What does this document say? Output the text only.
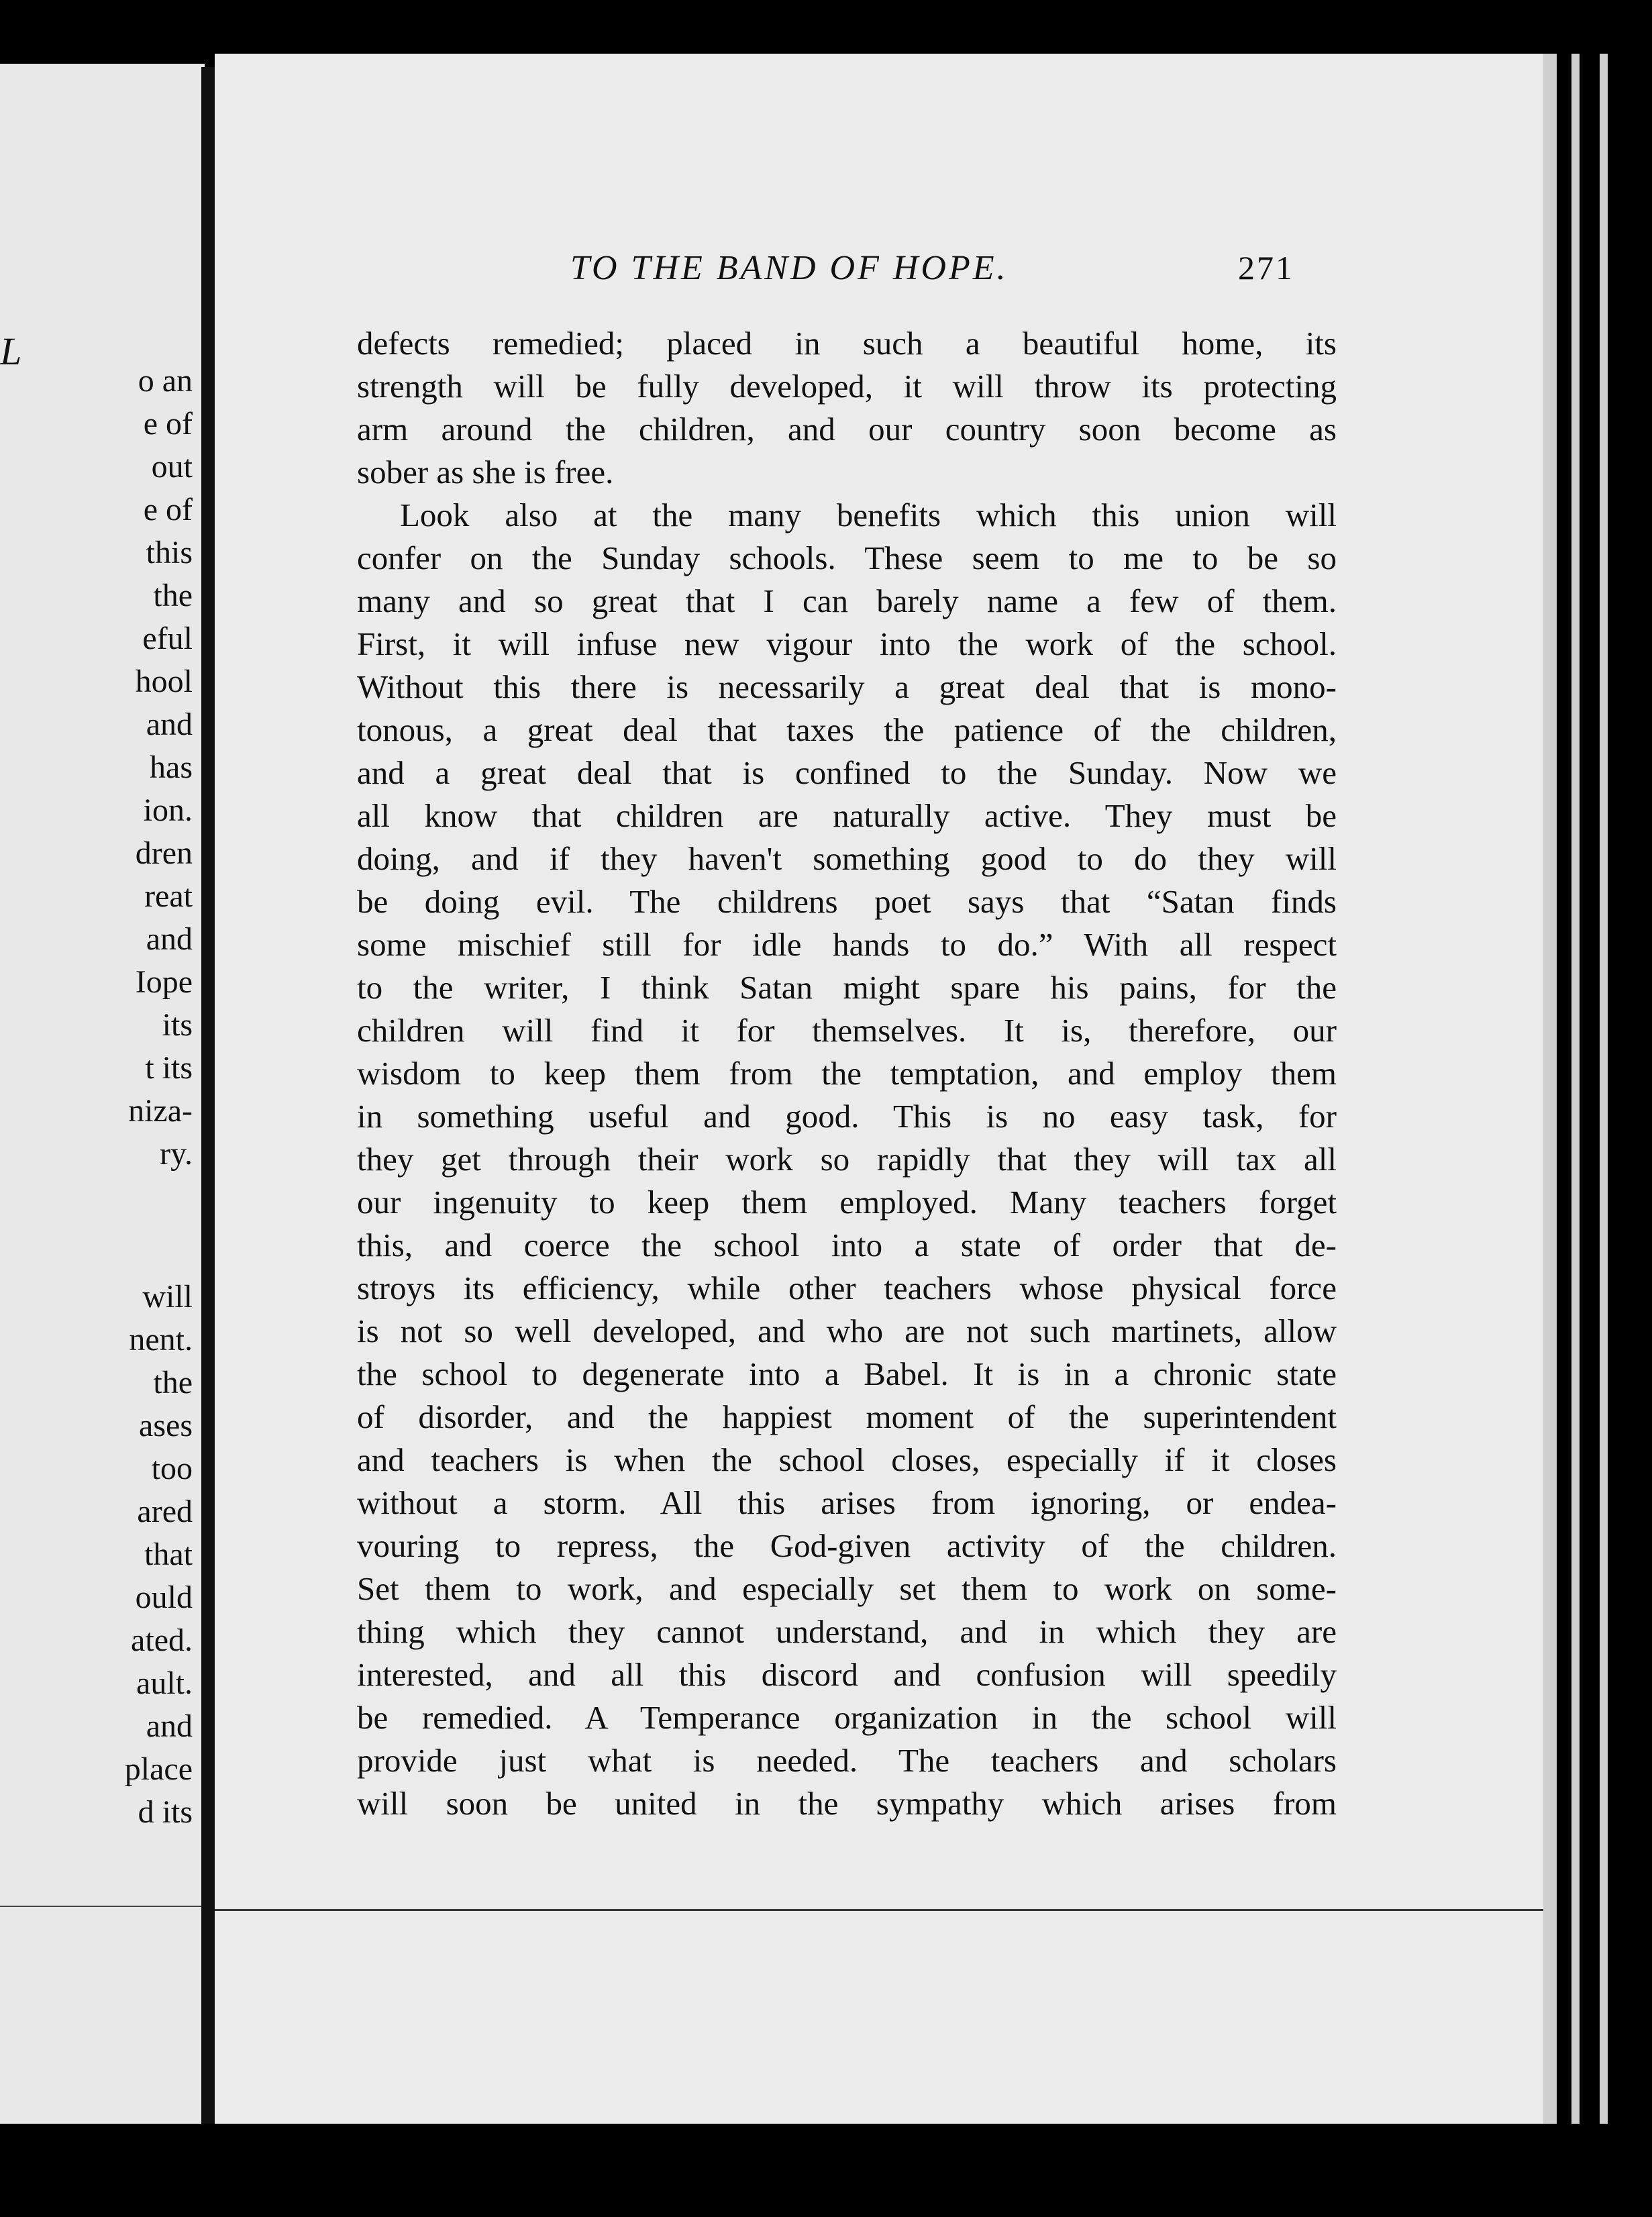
L
o an
e of
out
e of
this
the
eful
hool
and
has
ion.
dren
reat
and
Iope
its
t its
niza-
ry.
will
nent.
the
ases
too
ared
that
ould
ated.
ault.
and
place
d its
TO THE BAND OF HOPE.	271
defects remedied; placed in such a beautiful home, its
strength will be fully developed, it will throw its protecting
arm around the children, and our country soon become as
sober as she is free.
Look also at the many benefits which this union will
confer on the Sunday schools. These seem to me to be so
many and so great that I can barely name a few of them.
First, it will infuse new vigour into the work of the school.
Without this there is necessarily a great deal that is mono-
tonous, a great deal that taxes the patience of the children,
and a great deal that is confined to the Sunday. Now we
all know that children are naturally active. They must be
doing, and if they haven't something good to do they will
be doing evil. The childrens poet says that “Satan finds
some mischief still for idle hands to do.” With all respect
to the writer, I think Satan might spare his pains, for the
children will find it for themselves. It is, therefore, our
wisdom to keep them from the temptation, and employ them
in something useful and good. This is no easy task, for
they get through their work so rapidly that they will tax all
our ingenuity to keep them employed. Many teachers forget
this, and coerce the school into a state of order that de-
stroys its efficiency, while other teachers whose physical force
is not so well developed, and who are not such martinets, allow
the school to degenerate into a Babel. It is in a chronic state
of disorder, and the happiest moment of the superintendent
and teachers is when the school closes, especially if it closes
without a storm. All this arises from ignoring, or endea-
vouring to repress, the God-given activity of the children.
Set them to work, and especially set them to work on some-
thing which they cannot understand, and in which they are
interested, and all this discord and confusion will speedily
be remedied. A Temperance organization in the school will
provide just what is needed. The teachers and scholars
will soon be united in the sympathy which arises from
